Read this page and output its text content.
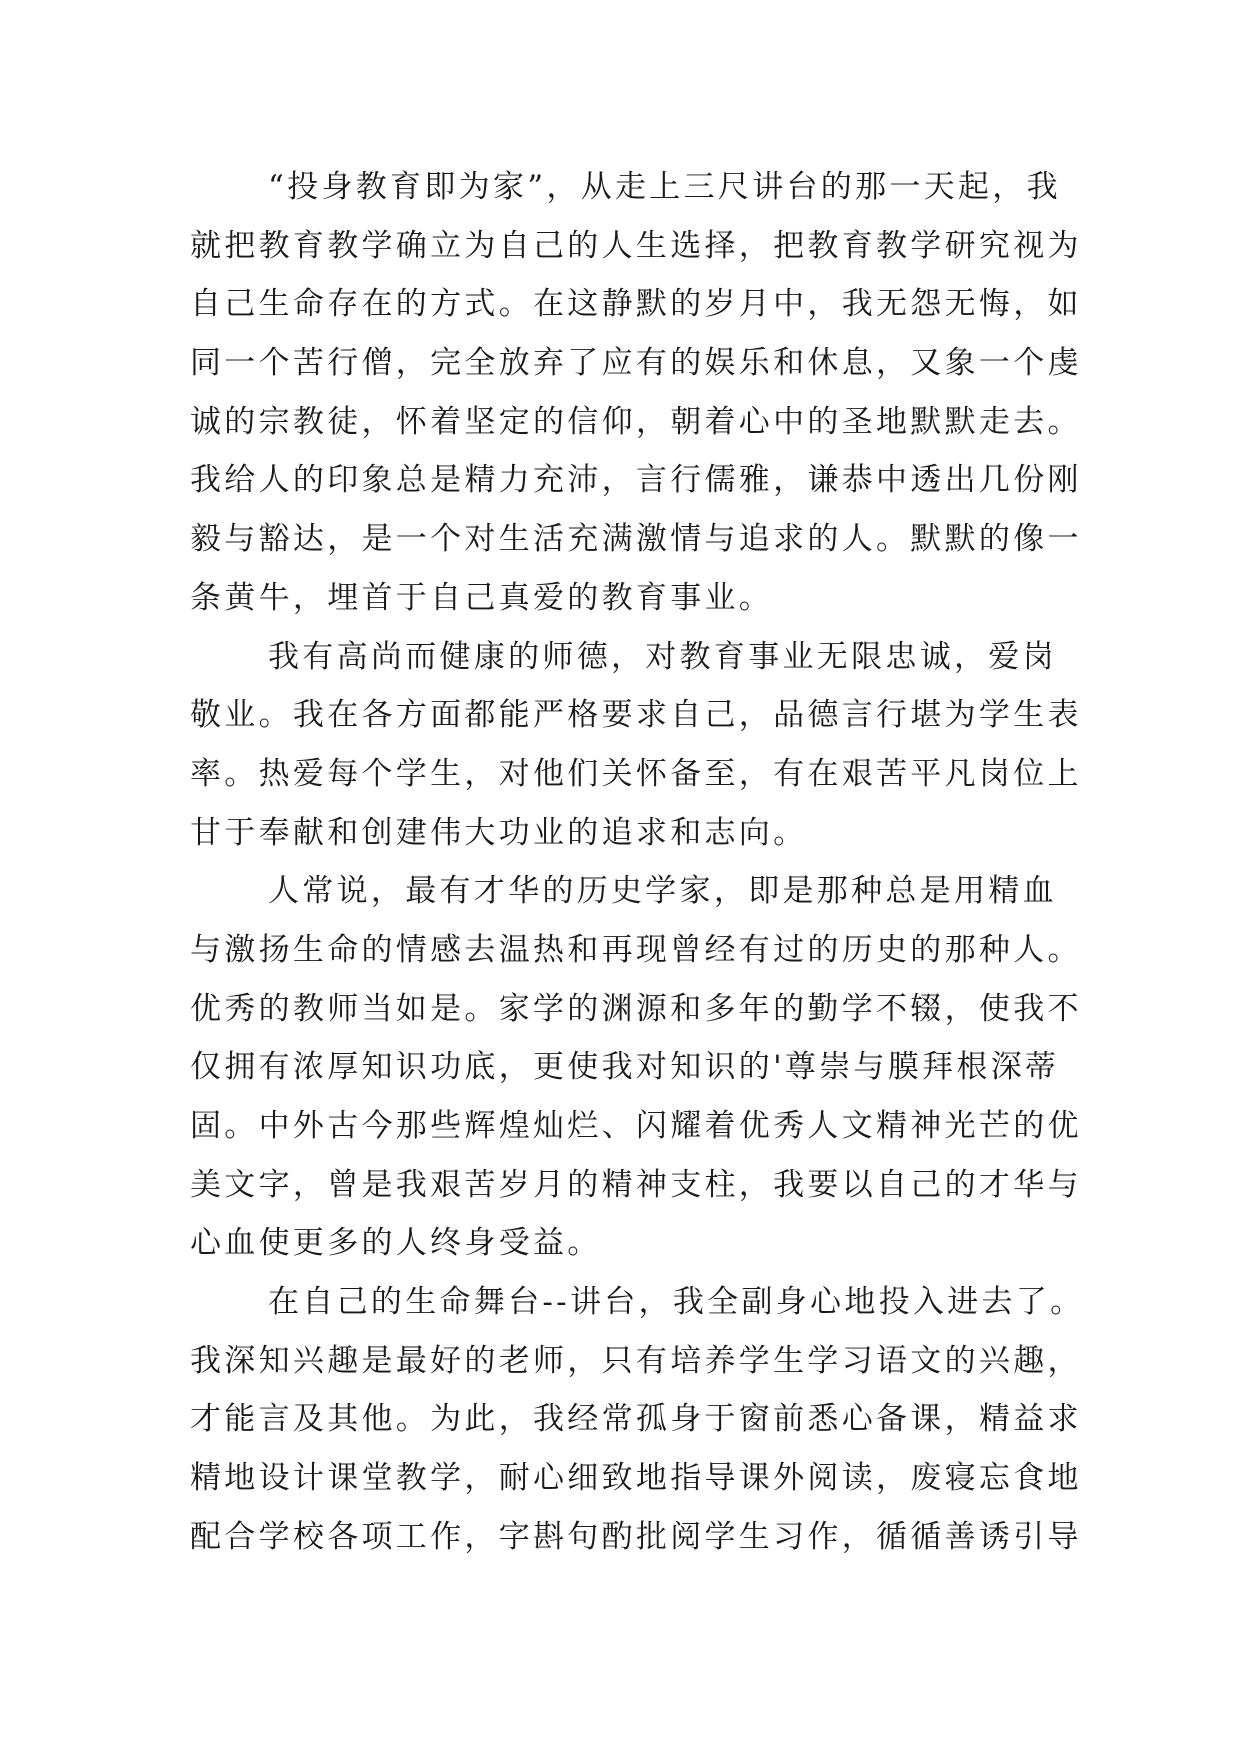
“投身教育即为家”，从走上三尺讲台的那一天起，我
就把教育教学确立为自己的人生选择，把教育教学研究视为
自己生命存在的方式。在这静默的岁月中，我无怨无悔，如
同一个苦行僧，完全放弃了应有的娱乐和休息，又象一个虔
诚的宗教徒，怀着坚定的信仰，朝着心中的圣地默默走去。
我给人的印象总是精力充沛，言行儒雅，谦恭中透出几份刚
毅与豁达，是一个对生活充满激情与追求的人。默默的像一
条黄牛，埋首于自己真爱的教育事业。
我有高尚而健康的师德，对教育事业无限忠诚，爱岗
敬业。我在各方面都能严格要求自己，品德言行堪为学生表
率。热爱每个学生，对他们关怀备至，有在艰苦平凡岗位上
甘于奉献和创建伟大功业的追求和志向。
人常说，最有才华的历史学家，即是那种总是用精血
与激扬生命的情感去温热和再现曾经有过的历史的那种人。
优秀的教师当如是。家学的渊源和多年的勤学不辍，使我不
仅拥有浓厚知识功底，更使我对知识的'尊崇与膜拜根深蒂
固。中外古今那些辉煌灿烂、闪耀着优秀人文精神光芒的优
美文字，曾是我艰苦岁月的精神支柱，我要以自己的才华与
心血使更多的人终身受益。
在自己的生命舞台--讲台，我全副身心地投入进去了。
我深知兴趣是最好的老师，只有培养学生学习语文的兴趣，
才能言及其他。为此，我经常孤身于窗前悉心备课，精益求
精地设计课堂教学，耐心细致地指导课外阅读，废寝忘食地
配合学校各项工作，字斟句酌批阅学生习作，循循善诱引导
